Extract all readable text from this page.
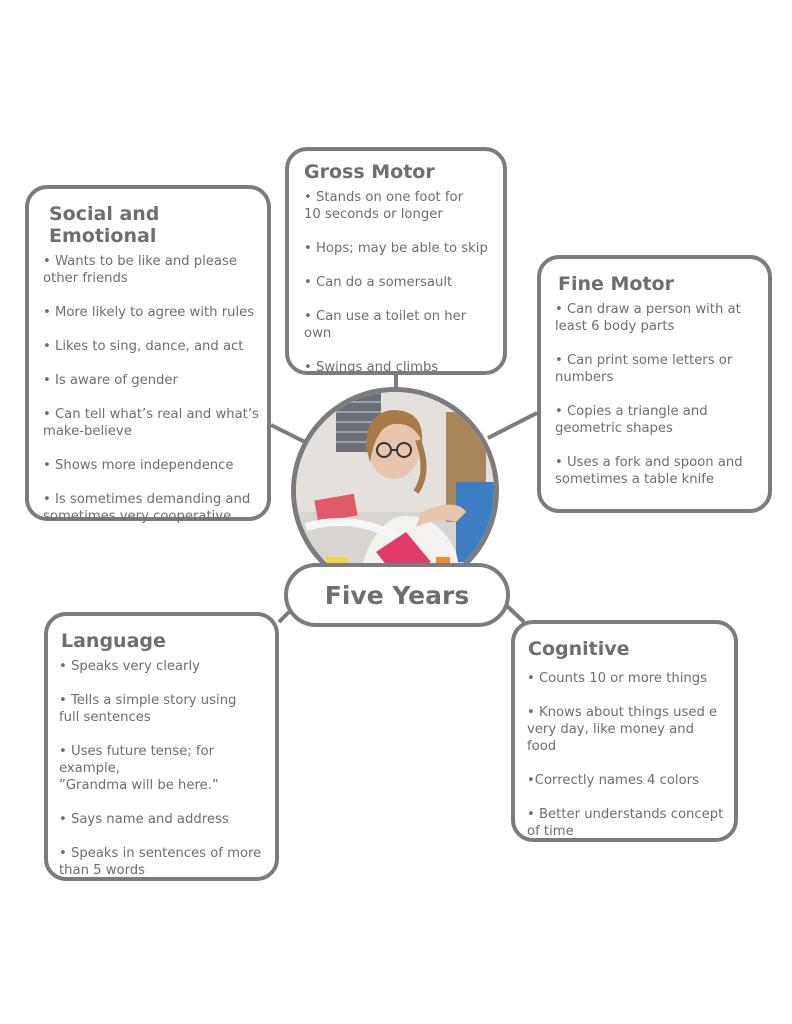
Gross Motor
• Stands on one foot for
10 seconds or longer
• Hops; may be able to skip
• Can do a somersault
• Can use a toilet on her own
• Swings and climbs
Social and Emotional
• Wants to be like and please
other friends
• More likely to agree with rules
• Likes to sing, dance, and act
• Is aware of gender
• Can tell what’s real and what’s
make-believe
• Shows more independence
• Is sometimes demanding and
sometimes very cooperative
Fine Motor
• Can draw a person with at
least 6 body parts
• Can print some letters or
numbers
• Copies a triangle and
geometric shapes
• Uses a fork and spoon and
sometimes a table knife
Five Years
Language
• Speaks very clearly
• Tells a simple story using
full sentences
• Uses future tense; for example,
”Grandma will be here.”
• Says name and address
• Speaks in sentences of more
than 5 words
Cognitive
• Counts 10 or more things
• Knows about things used e
very day, like money and food
•Correctly names 4 colors
• Better understands concept
of time
